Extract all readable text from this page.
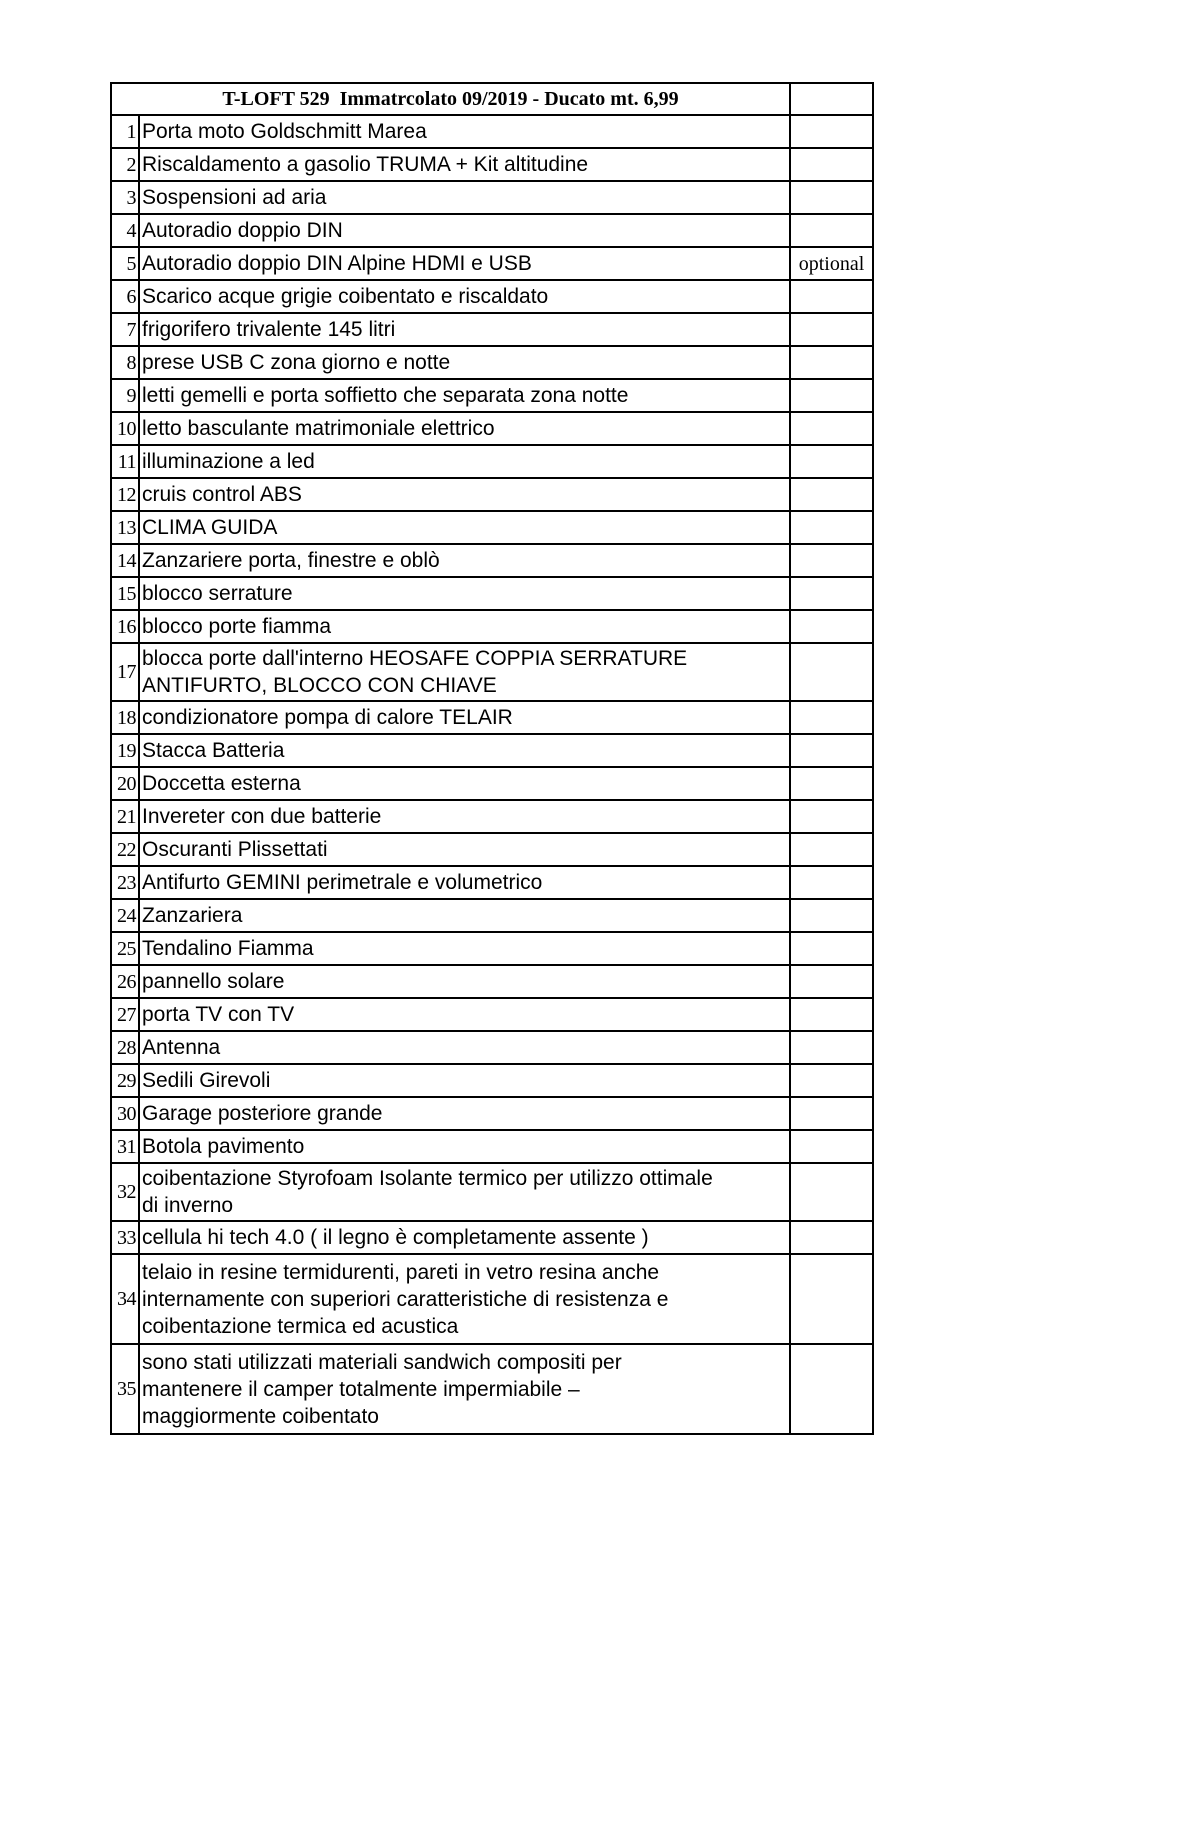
T-LOFT 529  Immatrcolato 09/2019 - Ducato mt. 6,99		
1	Porta moto Goldschmitt Marea	
2	Riscaldamento a gasolio TRUMA + Kit altitudine	
3	Sospensioni ad aria	
4	Autoradio doppio DIN	
5	Autoradio doppio DIN Alpine HDMI e USB	optional
6	Scarico acque grigie coibentato e riscaldato	
7	frigorifero trivalente 145 litri	
8	prese USB C zona giorno e notte	
9	letti gemelli e porta soffietto che separata zona notte	
10	letto basculante matrimoniale elettrico	
11	illuminazione a led	
12	cruis control ABS	
13	CLIMA GUIDA	
14	Zanzariere porta, finestre e oblò	
15	blocco serrature	
16	blocco porte fiamma	
17	blocca porte dall'interno HEOSAFE COPPIA SERRATURE
ANTIFURTO, BLOCCO CON CHIAVE	
18	condizionatore pompa di calore TELAIR	
19	Stacca Batteria	
20	Doccetta esterna	
21	Invereter con due batterie	
22	Oscuranti Plissettati	
23	Antifurto GEMINI perimetrale e volumetrico	
24	Zanzariera	
25	Tendalino Fiamma	
26	pannello solare	
27	porta TV con TV	
28	Antenna	
29	Sedili Girevoli	
30	Garage posteriore grande	
31	Botola pavimento	
32	coibentazione Styrofoam Isolante termico per utilizzo ottimale
di inverno	
33	cellula hi tech 4.0 ( il legno è completamente assente )	
34	telaio in resine termidurenti, pareti in vetro resina anche
internamente con superiori caratteristiche di resistenza e
coibentazione termica ed acustica	
35	sono stati utilizzati materiali sandwich compositi per
mantenere il camper totalmente impermiabile –
maggiormente coibentato	
